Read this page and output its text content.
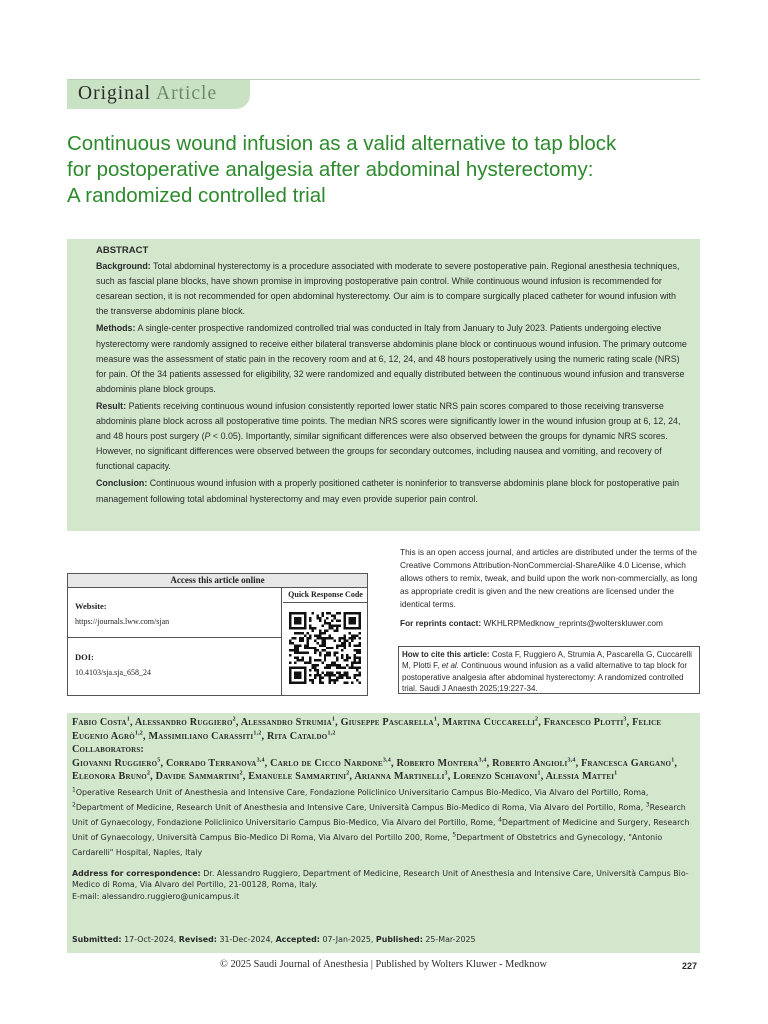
Original Article
Continuous wound infusion as a valid alternative to tap block
for postoperative analgesia after abdominal hysterectomy:
A randomized controlled trial
ABSTRACT

Background: Total abdominal hysterectomy is a procedure associated with moderate to severe postoperative pain. Regional anesthesia techniques, such as fascial plane blocks, have shown promise in improving postoperative pain control. While continuous wound infusion is recommended for cesarean section, it is not recommended for open abdominal hysterectomy. Our aim is to compare surgically placed catheter for wound infusion with the transverse abdominis plane block.

Methods: A single-center prospective randomized controlled trial was conducted in Italy from January to July 2023. Patients undergoing elective hysterectomy were randomly assigned to receive either bilateral transverse abdominis plane block or continuous wound infusion. The primary outcome measure was the assessment of static pain in the recovery room and at 6, 12, 24, and 48 hours postoperatively using the numeric rating scale (NRS) for pain. Of the 34 patients assessed for eligibility, 32 were randomized and equally distributed between the continuous wound infusion and transverse abdominis plane block groups.

Result: Patients receiving continuous wound infusion consistently reported lower static NRS pain scores compared to those receiving transverse abdominis plane block across all postoperative time points. The median NRS scores were significantly lower in the wound infusion group at 6, 12, 24, and 48 hours post surgery (P < 0.05). Importantly, similar significant differences were also observed between the groups for dynamic NRS scores. However, no significant differences were observed between the groups for secondary outcomes, including nausea and vomiting, and recovery of functional capacity.

Conclusion: Continuous wound infusion with a properly positioned catheter is noninferior to transverse abdominis plane block for postoperative pain management following total abdominal hysterectomy and may even provide superior pain control.

Access this article online
Website:
https://journals.lww.com/sjan
DOI:
10.4103/sja.sja_658_24
Quick Response Code
This is an open access journal, and articles are distributed under the terms of the Creative Commons Attribution-NonCommercial-ShareAlike 4.0 License, which allows others to remix, tweak, and build upon the work non-commercially, as long as appropriate credit is given and the new creations are licensed under the identical terms.
For reprints contact: WKHLRPMedknow_reprints@wolterskluwer.com
How to cite this article: Costa F, Ruggiero A, Strumia A, Pascarella G, Cuccarelli M, Plotti F, et al. Continuous wound infusion as a valid alternative to tap block for postoperative analgesia after abdominal hysterectomy: A randomized controlled trial. Saudi J Anaesth 2025;19:227-34.
Fabio Costa$^1$, Alessandro Ruggiero$^2$, Alessandro Strumia$^1$, Giuseppe Pascarella$^1$, Martina Cuccarelli$^2$, Francesco Plotti$^3$, Felice Eugenio Agrò$^{1,2}$, Massimiliano Carassiti$^{1,2}$, Rita Cataldo$^{1,2}$
Collaborators:
Giovanni Ruggiero$^5$, Corrado Terranova$^{3,4}$, Carlo de Cicco Nardone$^{3,4}$, Roberto Montera$^{3,4}$, Roberto Angioli$^{3,4}$, Francesca Gargano$^1$, Eleonora Bruno$^2$, Davide Sammartini$^2$, Emanuele Sammartini$^2$, Arianna Martinelli$^3$, Lorenzo Schiavoni$^1$, Alessia Mattei$^1$
$^1$Operative Research Unit of Anesthesia and Intensive Care, Fondazione Policlinico Universitario Campus Bio-Medico, Via Alvaro del Portillo, Roma, $^2$Department of Medicine, Research Unit of Anesthesia and Intensive Care, Università Campus Bio-Medico di Roma, Via Alvaro del Portillo, Roma, $^3$Research Unit of Gynaecology, Fondazione Policlinico Universitario Campus Bio-Medico, Via Alvaro del Portillo, Rome, $^4$Department of Medicine and Surgery, Research Unit of Gynaecology, Università Campus Bio-Medico Di Roma, Via Alvaro del Portillo 200, Rome, $^5$Department of Obstetrics and Gynecology, "Antonio Cardarelli" Hospital, Naples, Italy
Address for correspondence: Dr. Alessandro Ruggiero, Department of Medicine, Research Unit of Anesthesia and Intensive Care, Università Campus Bio-Medico di Roma, Via Alvaro del Portillo, 21-00128, Roma, Italy.
E-mail: alessandro.ruggiero@unicampus.it
Submitted: 17-Oct-2024, Revised: 31-Dec-2024, Accepted: 07-Jan-2025, Published: 25-Mar-2025
© 2025 Saudi Journal of Anesthesia | Published by Wolters Kluwer - Medknow	227
